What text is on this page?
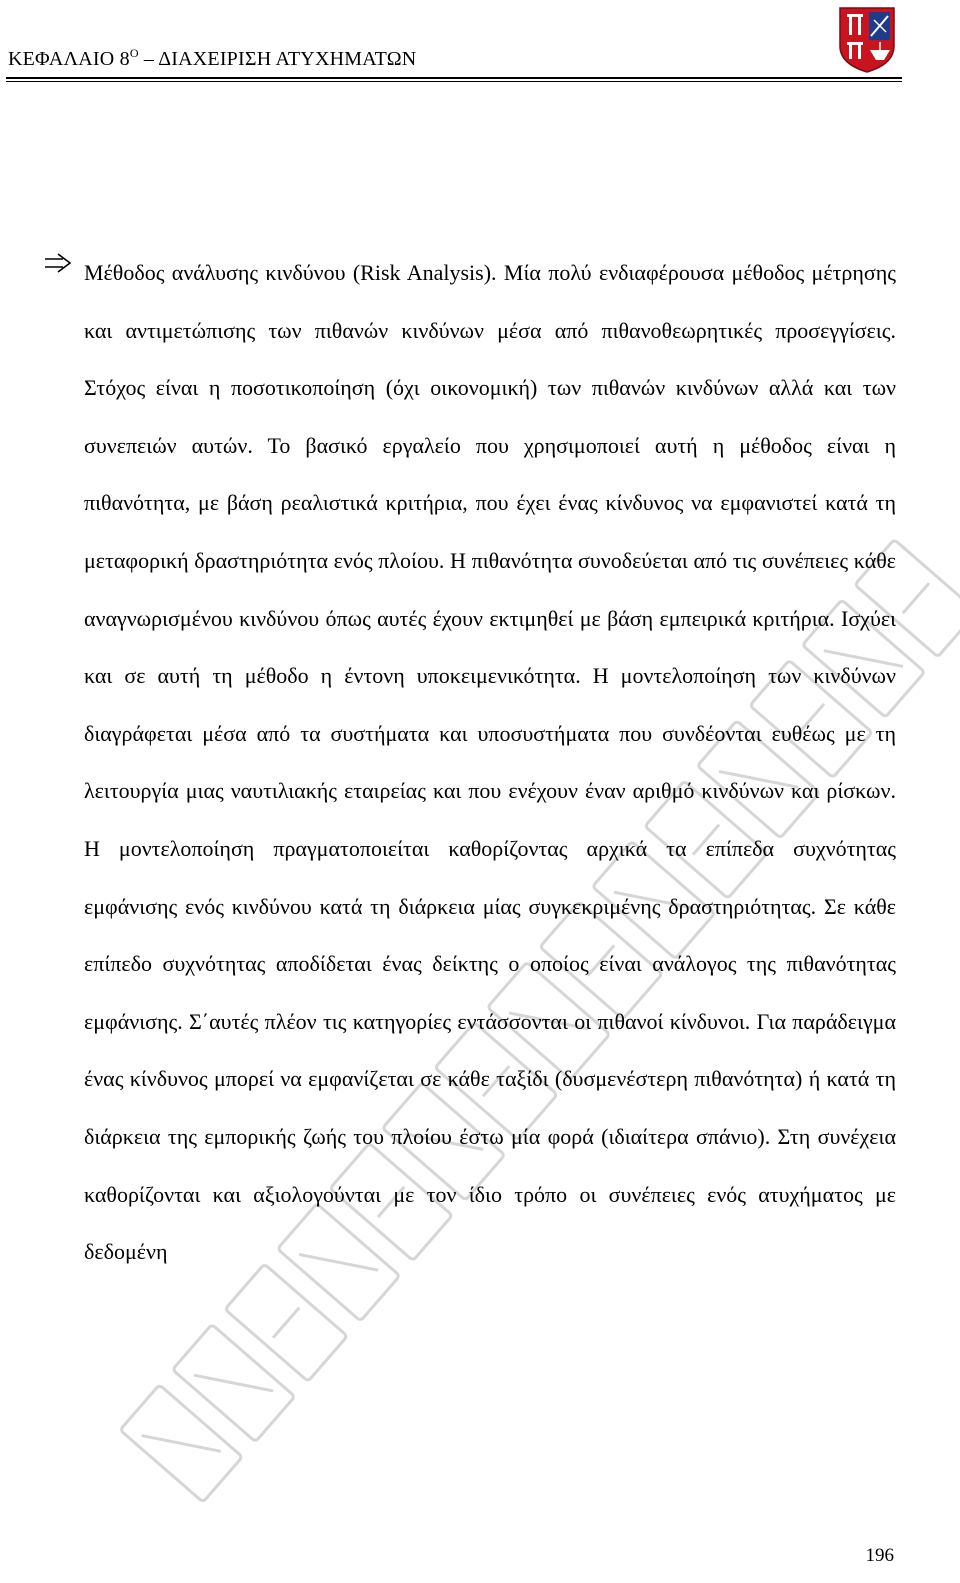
ΚΕΦΑΛΑΙΟ $8^O$ – ΔΙΑΧΕΙΡΙΣΗ ΑΤΥΧΗΜΑΤΩΝ
Μέθοδος ανάλυσης κινδύνου (Risk Analysis). Μία πολύ ενδιαφέρουσα μέθοδος μέτρησης και αντιμετώπισης των πιθανών κινδύνων μέσα από πιθανοθεωρητικές προσεγγίσεις. Στόχος είναι η ποσοτικοποίηση (όχι οικονομική) των πιθανών κινδύνων αλλά και των συνεπειών αυτών. Το βασικό εργαλείο που χρησιμοποιεί αυτή η μέθοδος είναι η πιθανότητα, με βάση ρεαλιστικά κριτήρια, που έχει ένας κίνδυνος να εμφανιστεί κατά τη μεταφορική δραστηριότητα ενός πλοίου. Η πιθανότητα συνοδεύεται από τις συνέπειες κάθε αναγνωρισμένου κινδύνου όπως αυτές έχουν εκτιμηθεί με βάση εμπειρικά κριτήρια. Ισχύει και σε αυτή τη μέθοδο η έντονη υποκειμενικότητα. Η μοντελοποίηση των κινδύνων διαγράφεται μέσα από τα συστήματα και υποσυστήματα που συνδέονται ευθέως με τη λειτουργία μιας ναυτιλιακής εταιρείας και που ενέχουν έναν αριθμό κινδύνων και ρίσκων. Η μοντελοποίηση πραγματοποιείται καθορίζοντας αρχικά τα επίπεδα συχνότητας εμφάνισης ενός κινδύνου κατά τη διάρκεια μίας συγκεκριμένης δραστηριότητας. Σε κάθε επίπεδο συχνότητας αποδίδεται ένας δείκτης ο οποίος είναι ανάλογος της πιθανότητας εμφάνισης. Σ΄αυτές πλέον τις κατηγορίες εντάσσονται οι πιθανοί κίνδυνοι. Για παράδειγμα ένας κίνδυνος μπορεί να εμφανίζεται σε κάθε ταξίδι (δυσμενέστερη πιθανότητα) ή κατά τη διάρκεια της εμπορικής ζωής του πλοίου έστω μία φορά (ιδιαίτερα σπάνιο). Στη συνέχεια καθορίζονται και αξιολογούνται με τον ίδιο τρόπο οι συνέπειες ενός ατυχήματος με δεδομένη
196
